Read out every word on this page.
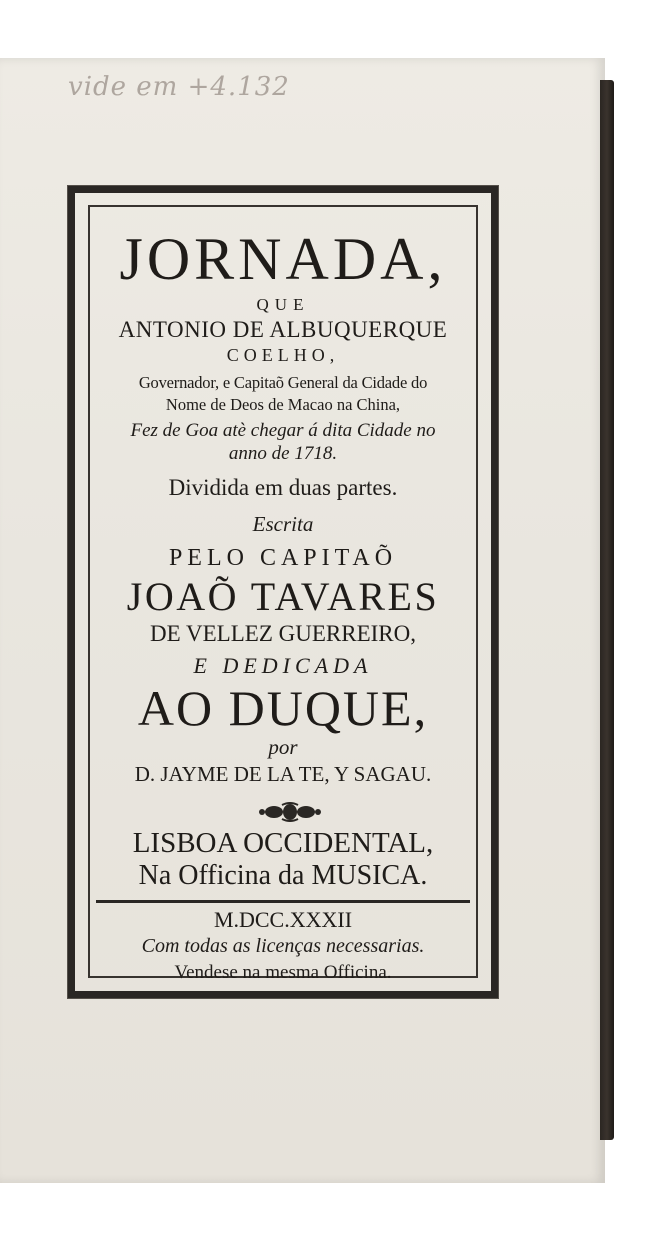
vide em +4.132
JORNADA,
QUE
ANTONIO DE ALBUQUERQUE
COELHO,
Governador, e Capitaõ General da Cidade do
Nome de Deos de Macao na China,
Fez de Goa atè chegar á dita Cidade no
anno de 1718.
Dividida em duas partes.
Escrita
PELO CAPITAÕ
JOAÕ TAVARES
DE VELLEZ GUERREIRO,
E DEDICADA
AO DUQUE,
por
D. JAYME DE LA TE, Y SAGAU.
LISBOA OCCIDENTAL,
Na Officina da MUSICA.
M.DCC.XXXII
Com todas as licenças necessarias.
Vendese na mesma Officina.
